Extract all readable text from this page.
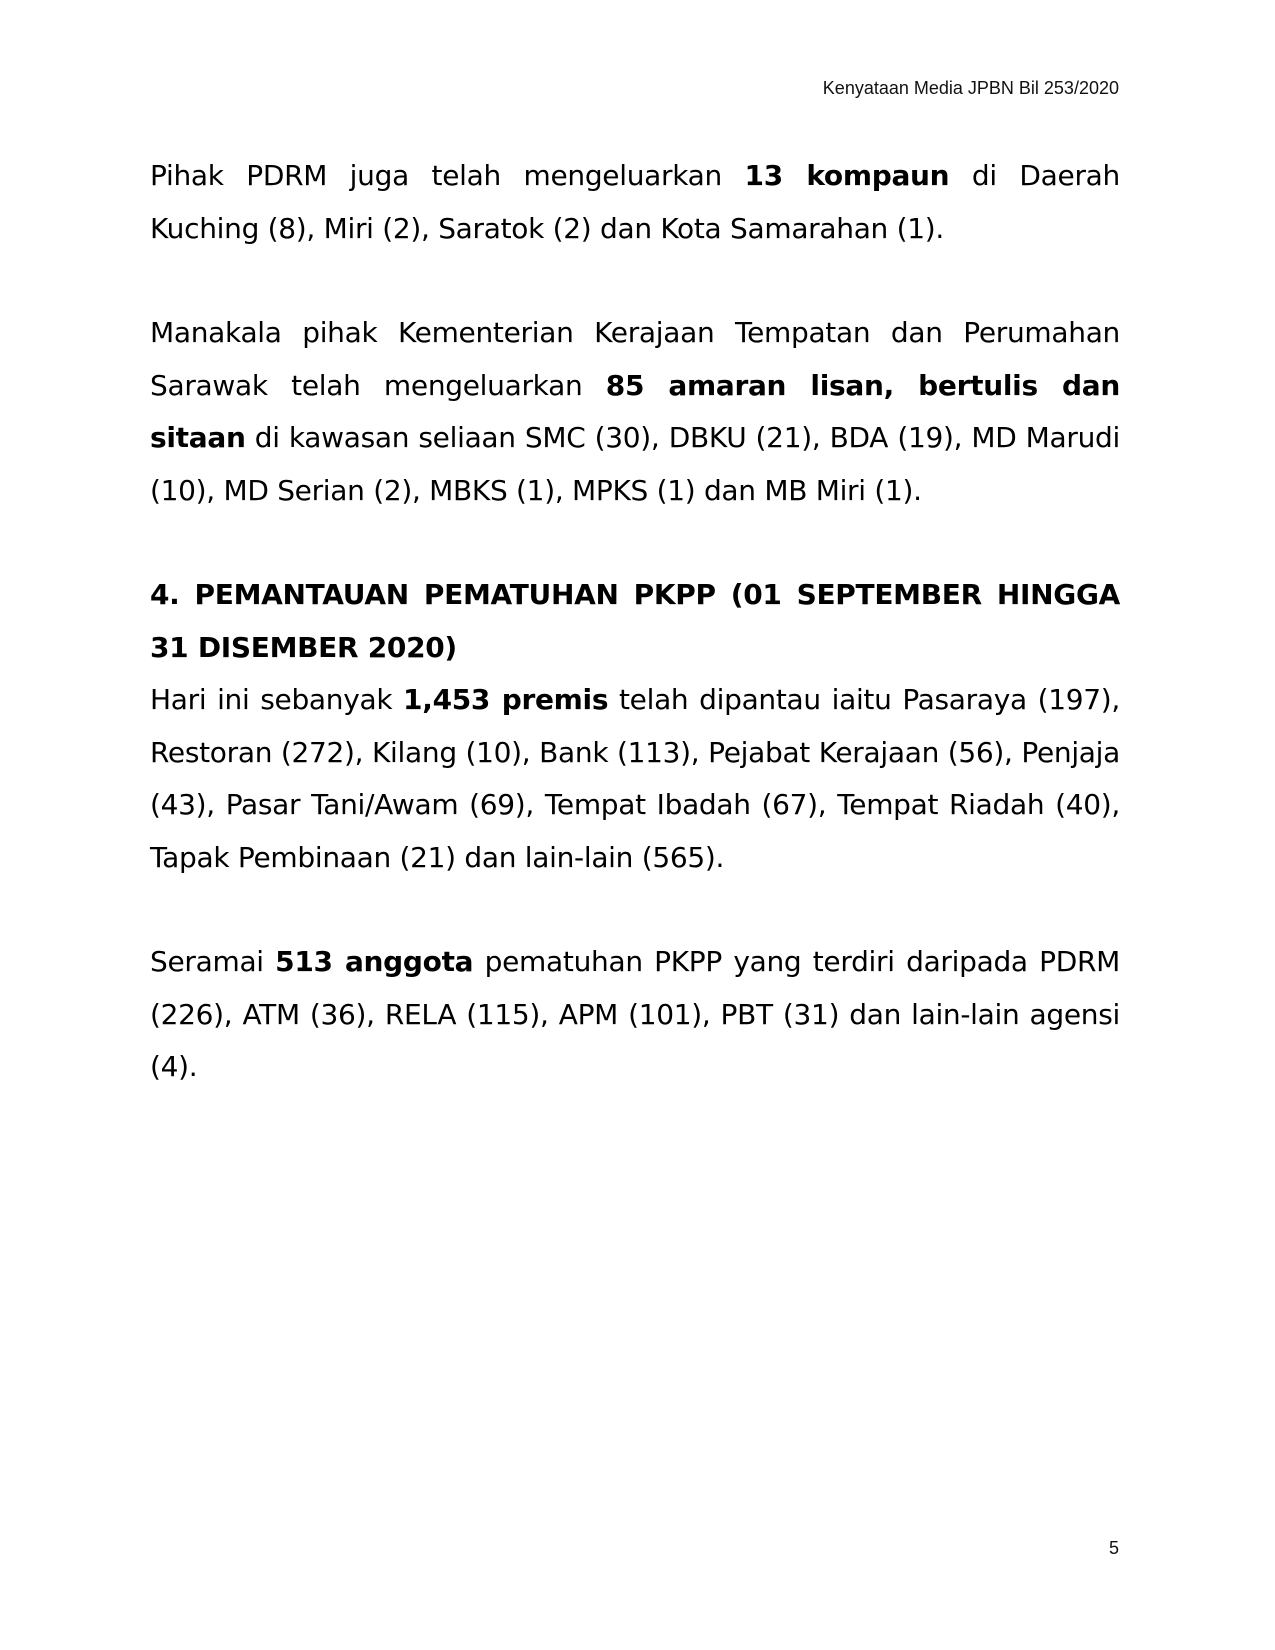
Kenyataan Media JPBN Bil 253/2020

Pihak PDRM juga telah mengeluarkan 13 kompaun di Daerah Kuching (8), Miri (2), Saratok (2) dan Kota Samarahan (1).

Manakala pihak Kementerian Kerajaan Tempatan dan Perumahan Sarawak telah mengeluarkan 85 amaran lisan, bertulis dan sitaan di kawasan seliaan SMC (30), DBKU (21), BDA (19), MD Marudi (10), MD Serian (2), MBKS (1), MPKS (1) dan MB Miri (1).

4. PEMANTAUAN PEMATUHAN PKPP (01 SEPTEMBER HINGGA 31 DISEMBER 2020)

Hari ini sebanyak 1,453 premis telah dipantau iaitu Pasaraya (197), Restoran (272), Kilang (10), Bank (113), Pejabat Kerajaan (56), Penjaja (43), Pasar Tani/Awam (69), Tempat Ibadah (67), Tempat Riadah (40), Tapak Pembinaan (21) dan lain-lain (565).

Seramai 513 anggota pematuhan PKPP yang terdiri daripada PDRM (226), ATM (36), RELA (115), APM (101), PBT (31) dan lain-lain agensi (4).

5
